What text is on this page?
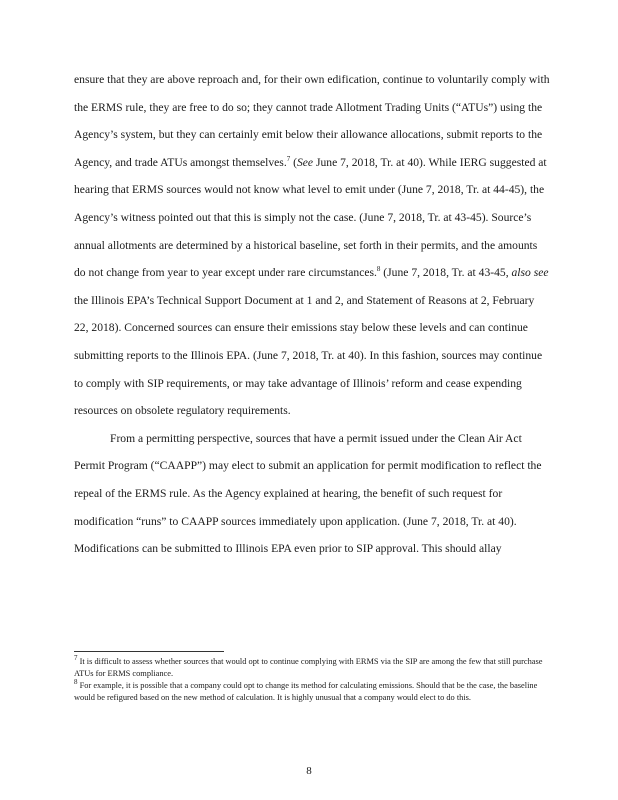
ensure that they are above reproach and, for their own edification, continue to voluntarily comply with the ERMS rule, they are free to do so; they cannot trade Allotment Trading Units (“ATUs”) using the Agency’s system, but they can certainly emit below their allowance allocations, submit reports to the Agency, and trade ATUs amongst themselves.$^7$ (See June 7, 2018, Tr. at 40). While IERG suggested at hearing that ERMS sources would not know what level to emit under (June 7, 2018, Tr. at 44-45), the Agency’s witness pointed out that this is simply not the case. (June 7, 2018, Tr. at 43-45). Source’s annual allotments are determined by a historical baseline, set forth in their permits, and the amounts do not change from year to year except under rare circumstances.$^8$ (June 7, 2018, Tr. at 43-45, also see the Illinois EPA’s Technical Support Document at 1 and 2, and Statement of Reasons at 2, February 22, 2018). Concerned sources can ensure their emissions stay below these levels and can continue submitting reports to the Illinois EPA. (June 7, 2018, Tr. at 40). In this fashion, sources may continue to comply with SIP requirements, or may take advantage of Illinois’ reform and cease expending resources on obsolete regulatory requirements.

From a permitting perspective, sources that have a permit issued under the Clean Air Act Permit Program (“CAAPP”) may elect to submit an application for permit modification to reflect the repeal of the ERMS rule. As the Agency explained at hearing, the benefit of such request for modification “runs” to CAAPP sources immediately upon application. (June 7, 2018, Tr. at 40). Modifications can be submitted to Illinois EPA even prior to SIP approval. This should allay

$^7$ It is difficult to assess whether sources that would opt to continue complying with ERMS via the SIP are among the few that still purchase ATUs for ERMS compliance.

$^8$ For example, it is possible that a company could opt to change its method for calculating emissions. Should that be the case, the baseline would be refigured based on the new method of calculation. It is highly unusual that a company would elect to do this.

8
